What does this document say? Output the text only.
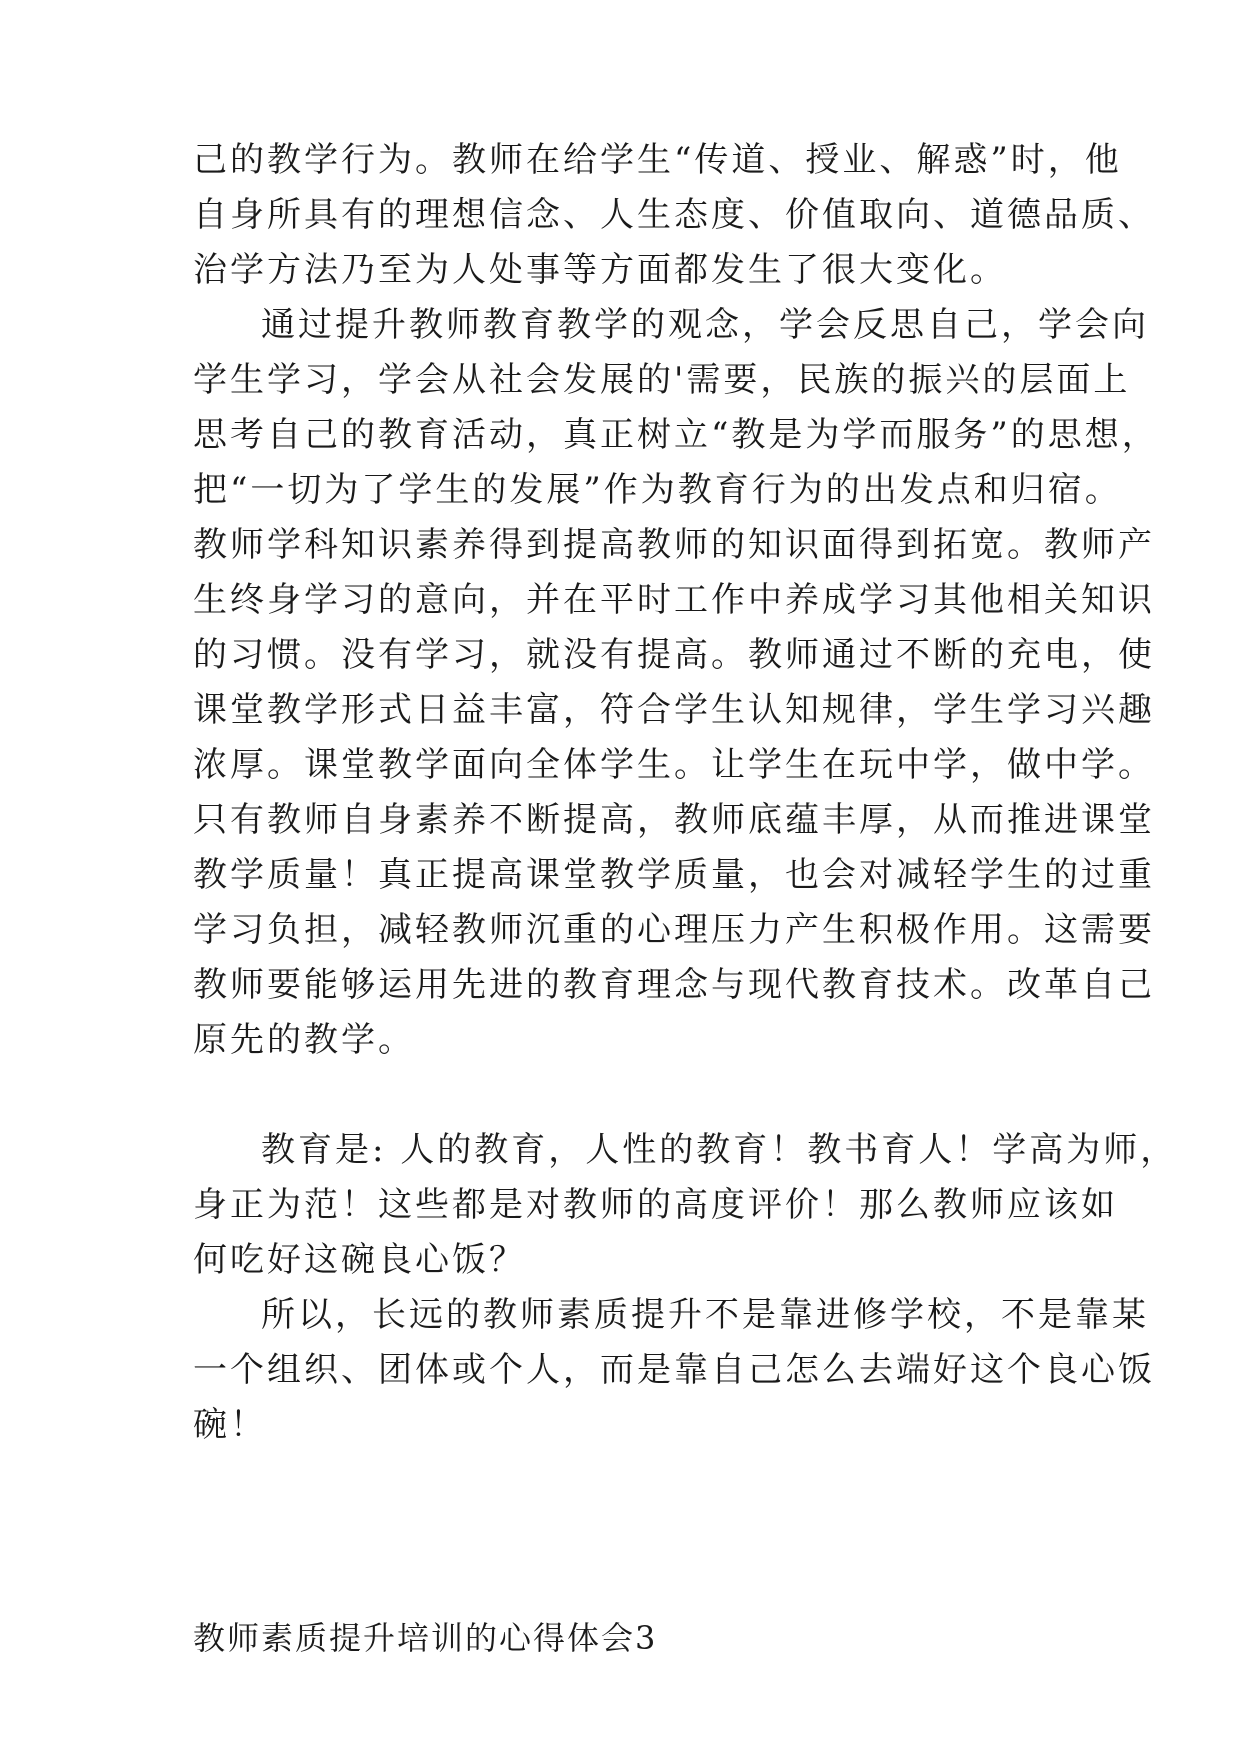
己的教学行为。教师在给学生“传道、授业、解惑”时，他
自身所具有的理想信念、人生态度、价值取向、道德品质、
治学方法乃至为人处事等方面都发生了很大变化。
通过提升教师教育教学的观念，学会反思自己，学会向
学生学习，学会从社会发展的'需要，民族的振兴的层面上
思考自己的教育活动，真正树立“教是为学而服务”的思想，
把“一切为了学生的发展”作为教育行为的出发点和归宿。
教师学科知识素养得到提高教师的知识面得到拓宽。教师产
生终身学习的意向，并在平时工作中养成学习其他相关知识
的习惯。没有学习，就没有提高。教师通过不断的充电，使
课堂教学形式日益丰富，符合学生认知规律，学生学习兴趣
浓厚。课堂教学面向全体学生。让学生在玩中学，做中学。
只有教师自身素养不断提高，教师底蕴丰厚，从而推进课堂
教学质量！真正提高课堂教学质量，也会对减轻学生的过重
学习负担，减轻教师沉重的心理压力产生积极作用。这需要
教师要能够运用先进的教育理念与现代教育技术。改革自己
原先的教学。
教育是: 人的教育，人性的教育！教书育人！学高为师，
身正为范！这些都是对教师的高度评价！那么教师应该如
何吃好这碗良心饭？
所以，长远的教师素质提升不是靠进修学校，不是靠某
一个组织、团体或个人，而是靠自己怎么去端好这个良心饭
碗！
教师素质提升培训的心得体会3
